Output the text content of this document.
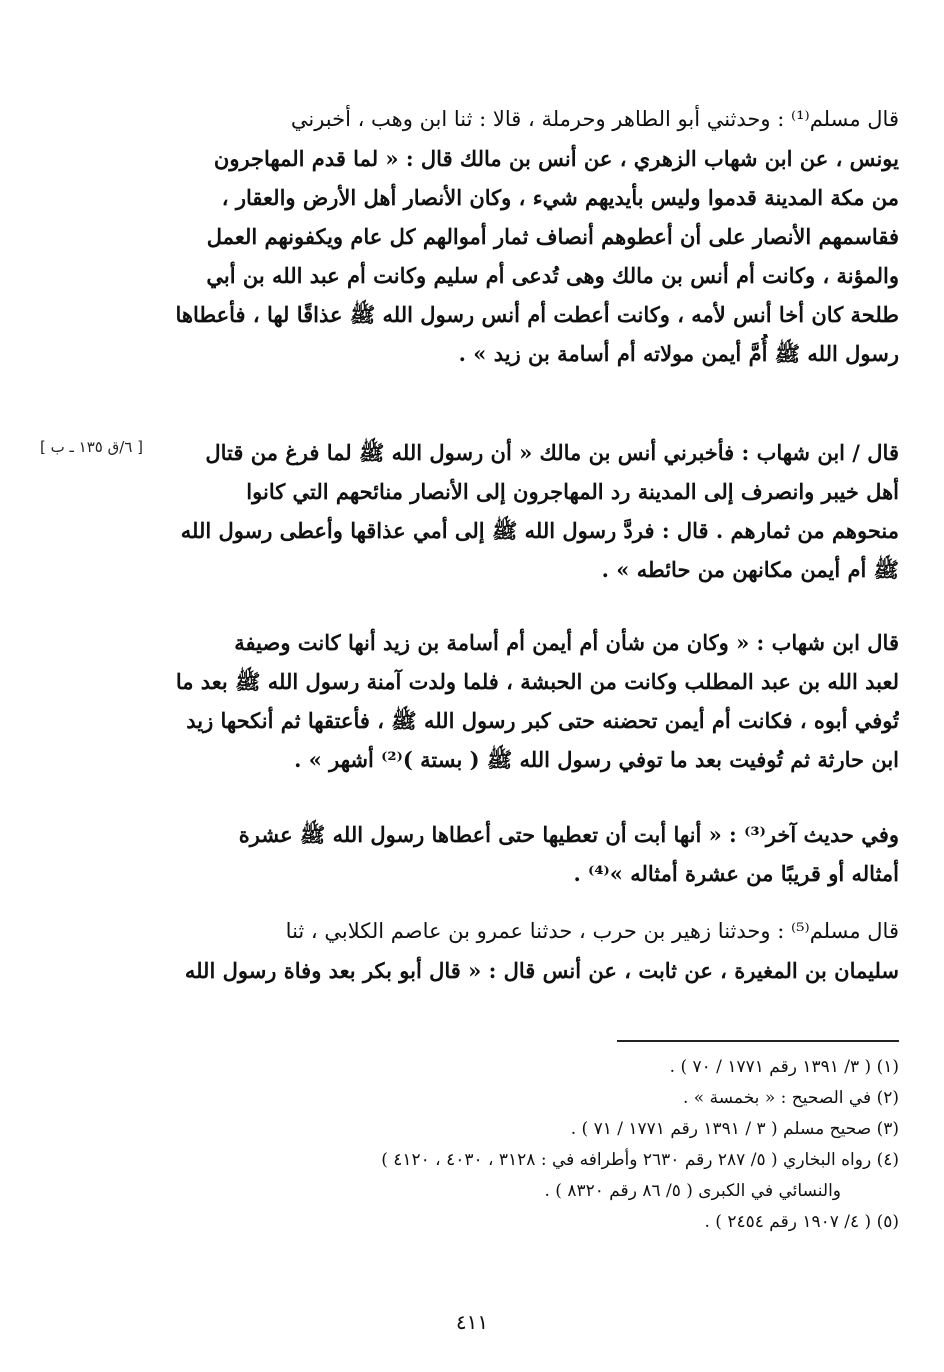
قال مسلم⁽¹⁾ : وحدثني أبو الطاهر وحرملة ، قالا : ثنا ابن وهب ، أخبرني
يونس ، عن ابن شهاب الزهري ، عن أنس بن مالك قال : « لما قدم المهاجرون
من مكة المدينة قدموا وليس بأيديهم شيء ، وكان الأنصار أهل الأرض والعقار ،
فقاسمهم الأنصار على أن أعطوهم أنصاف ثمار أموالهم كل عام ويكفونهم العمل
والمؤنة ، وكانت أم أنس بن مالك وهى تُدعى أم سليم وكانت أم عبد الله بن أبي
طلحة كان أخا أنس لأمه ، وكانت أعطت أم أنس رسول الله ﷺ عذاقًا لها ، فأعطاها
رسول الله ﷺ أُمَّ أيمن مولاته أم أسامة بن زيد » .
قال / ابن شهاب : فأخبرني أنس بن مالك « أن رسول الله ﷺ لما فرغ من قتال
أهل خيبر وانصرف إلى المدينة رد المهاجرون إلى الأنصار منائحهم التي كانوا
منحوهم من ثمارهم . قال : فردَّ رسول الله ﷺ إلى أمي عذاقها وأعطى رسول الله
ﷺ أم أيمن مكانهن من حائطه » .
[ ٦/ق ١٣٥ ـ ب ]
قال ابن شهاب : « وكان من شأن أم أيمن أم أسامة بن زيد أنها كانت وصيفة
لعبد الله بن عبد المطلب وكانت من الحبشة ، فلما ولدت آمنة رسول الله ﷺ بعد ما
تُوفي أبوه ، فكانت أم أيمن تحضنه حتى كبر رسول الله ﷺ ، فأعتقها ثم أنكحها زيد
ابن حارثة ثم تُوفيت بعد ما توفي رسول الله ﷺ ( بستة )⁽²⁾ أشهر » .
وفي حديث آخر⁽³⁾ : « أنها أبت أن تعطيها حتى أعطاها رسول الله ﷺ عشرة
أمثاله أو قريبًا من عشرة أمثاله »⁽⁴⁾ .
قال مسلم⁽⁵⁾ : وحدثنا زهير بن حرب ، حدثنا عمرو بن عاصم الكلابي ، ثنا
سليمان بن المغيرة ، عن ثابت ، عن أنس قال : « قال أبو بكر بعد وفاة رسول الله
(١) ( ٣/ ١٣٩١ رقم ١٧٧١ / ٧٠ ) .
(٢) في الصحيح : « بخمسة » .
(٣) صحيح مسلم ( ٣ / ١٣٩١ رقم ١٧٧١ / ٧١ ) .
(٤) رواه البخاري ( ٥/ ٢٨٧ رقم ٢٦٣٠ وأطرافه في : ٣١٢٨ ، ٤٠٣٠ ، ٤١٢٠ )
والنسائي في الكبرى ( ٥/ ٨٦ رقم ٨٣٢٠ ) .
(٥) ( ٤/ ١٩٠٧ رقم ٢٤٥٤ ) .
٤١١
